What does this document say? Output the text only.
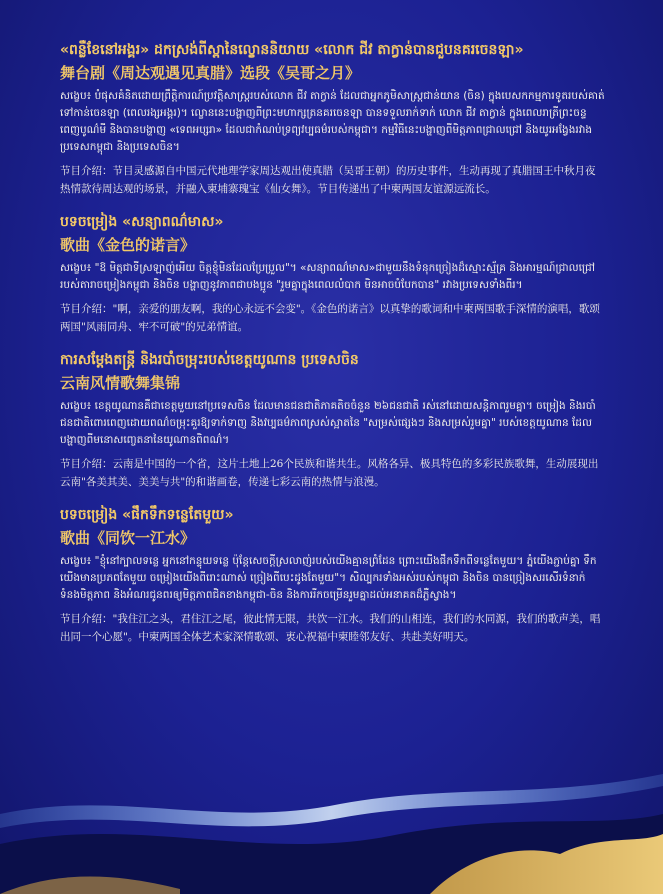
«ពន្លឺខែនៅអង្គរ» ដកស្រង់ពីស្ពានៃល្ខោននិយាយ «លោក ជីវ តាក្វាន់បានជួបនគរចេនឡា»
舞台剧《周达观遇见真腊》选段《吴哥之月》
សង្ខេប៖ បំផុសគំនិតដោយព្រឹត្តិការណ៍ប្រវត្តិសាស្ត្ររបស់លោក ជីវ តាក្វាន់ ដែលជាអ្នកភូមិសាស្ត្រជាន់យាន (ចិន) ក្នុងបេសកកម្មការទូតរបស់គាត់ទៅកាន់ចេនឡា (ពេលរង្សអង្គរ)។ ល្ខោននេះបង្ហាញពីព្រះមហាក្សត្រនគរចេនឡា បានទទួលរាក់ទាក់ លោក ជីវ តាក្វាន់ ក្នុងពេលរាត្រីព្រះចន្ទពេញបូណ៌មី និងបានបង្ហាញ «ទេពអប្សរា» ដែលជាកំណប់ទ្រព្យវប្បធម៌របស់កម្ពុជា។ កម្មវិធីនេះបង្ហាញពីមិត្តភាពជ្រាលជ្រៅ និងយូរអង្វែងរវាងប្រទេសកម្ពុជា និងប្រទេសចិន។
节目介绍：节目灵感源自中国元代地理学家周达观出使真腊（吴哥王朝）的历史事件，生动再现了真腊国王中秋月夜热情款待周达观的场景，并融入柬埔寨瑰宝《仙女舞》。节目传递出了中柬两国友谊源远流长。
បទចម្រៀង «សន្យាពណ៌មាស»
歌曲《金色的诺言》
សង្ខេប៖ "ឱ មិត្តជាទីស្រឡាញ់អើយ ចិត្តខ្ញុំមិនដែលប្រែប្រួល"។ «សន្យាពណ៌មាស»ជាមួយនឹងទំនុកច្រៀងដ៏ស្មោះស្ម័គ្រ និងអារម្មណ៍ជ្រាលជ្រៅរបស់តារាចម្រៀងកម្ពុជា និងចិន បង្ហាញនូវភាពជាបងប្អូន "រួមគ្នាក្នុងពេលលំបាក មិនអាចបំបែកបាន" រវាងប្រទេសទាំងពីរ។
节目介绍："啊，亲爱的朋友啊，我的心永远不会变"。《金色的诺言》以真挚的歌词和中柬两国歌手深情的演唱，歌颂两国"风雨同舟、牢不可破"的兄弟情谊。
ការសម្តែងតន្ត្រី និងរបាំចម្រុះរបស់ខេត្តយូណាន ប្រទេសចិន
云南风情歌舞集锦
សង្ខេប៖ ខេត្តយូណានគឺជាខេត្តមួយនៅប្រទេសចិន ដែលមានជនជាតិភាគតិចចំនួន ២៦ជនជាតិ រស់នៅដោយសន្តិភាពរួមគ្នា។ ចម្រៀង និងរបាំជនជាតិពោរពេញដោយពណ៌ចម្រុះគួរឱ្យទាក់ទាញ និងវប្បធម៌ភាពស្រស់ស្អាតនៃ "សម្រស់ផ្សេងៗ និងសម្រស់រួមគ្នា" របស់ខេត្តយូណាន ដែលបង្ហាញពីមនោសញ្ចេតនានៃយូណានពិពណ៌។
节目介绍：云南是中国的一个省，这片土地上26个民族和谐共生。风格各异、极具特色的多彩民族歌舞，生动展现出云南"各美其美、美美与共"的和谐画卷，传递七彩云南的热情与浪漫。
បទចម្រៀង «ផឹកទឹកទន្លេតែមួយ»
歌曲《同饮一江水》
សង្ខេប៖ "ខ្ញុំនៅក្បាលទន្លេ អ្នកនៅកន្ទុយទន្លេ ប៉ុន្តែសេចក្តីស្រលាញ់របស់យើងគ្មានព្រំដែន ព្រោះយើងផឹកទឹកពីទន្លេតែមួយ។ ភ្នំយើងភ្ជាប់គ្នា ទឹកយើងមានប្រភពតែមួយ ចម្រៀងយើងពីរោះណាស់ ច្រៀងពីបេះដូងតែមួយ"។ សិល្បករទាំងអស់របស់កម្ពុជា និងចិន បានច្រៀងសរសើរទំនាក់ទំនងមិត្តភាព និងអំណរជូនពរឲ្យមិត្តភាពជិតខាងកម្ពុជា-ចិន និងការរីកចម្រើនរួមគ្នាដល់អនាគតដ៏ភ្លឺស្វាង។
节目介绍："我住江之头，君住江之尾，彼此情无限，共饮一江水。我们的山相连，我们的水同源，我们的歌声美，唱出同一个心愿"。中柬两国全体艺术家深情歌颂、衷心祝福中柬睦邻友好、共赴美好明天。
